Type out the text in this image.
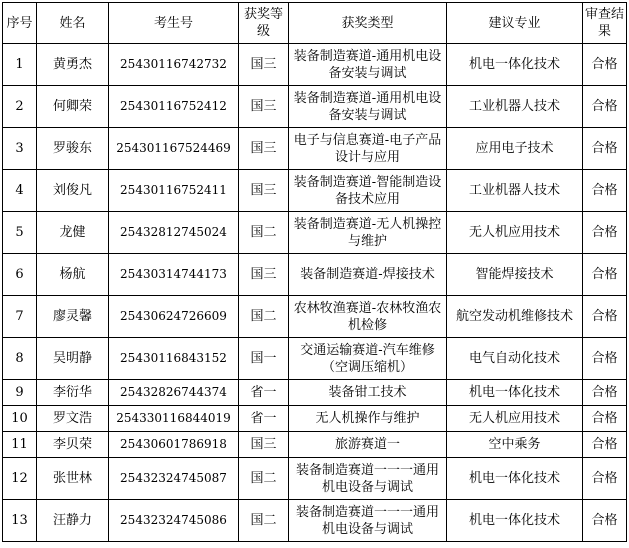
序号	姓名	考生号	获奖等级	获奖类型	建议专业	审查结果
1	黄勇杰	25430116742732	国三	装备制造赛道-通用机电设备安装与调试	机电一体化技术	合格
2	何卿荣	25430116752412	国三	装备制造赛道-通用机电设备安装与调试	工业机器人技术	合格
3	罗骏东	254301167524469	国三	电子与信息赛道-电子产品设计与应用	应用电子技术	合格
4	刘俊凡	25430116752411	国三	装备制造赛道-智能制造设备技术应用	工业机器人技术	合格
5	龙健	25432812745024	国二	装备制造赛道-无人机操控与维护	无人机应用技术	合格
6	杨航	25430314744173	国三	装备制造赛道-焊接技术	智能焊接技术	合格
7	廖灵馨	25430624726609	国二	农林牧渔赛道-农林牧渔农机检修	航空发动机维修技术	合格
8	吴明静	25430116843152	国一	交通运输赛道-汽车维修（空调压缩机）	电气自动化技术	合格
9	李衍华	25432826744374	省一	装备钳工技术	机电一体化技术	合格
10	罗文浩	254330116844019	省一	无人机操作与维护	无人机应用技术	合格
11	李贝荣	25430601786918	国三	旅游赛道一	空中乘务	合格
12	张世林	25432324745087	国二	装备制造赛道一一一通用机电设备与调试	机电一体化技术	合格
13	汪静力	25432324745086	国二	装备制造赛道一一一通用机电设备与调试	机电一体化技术	合格
